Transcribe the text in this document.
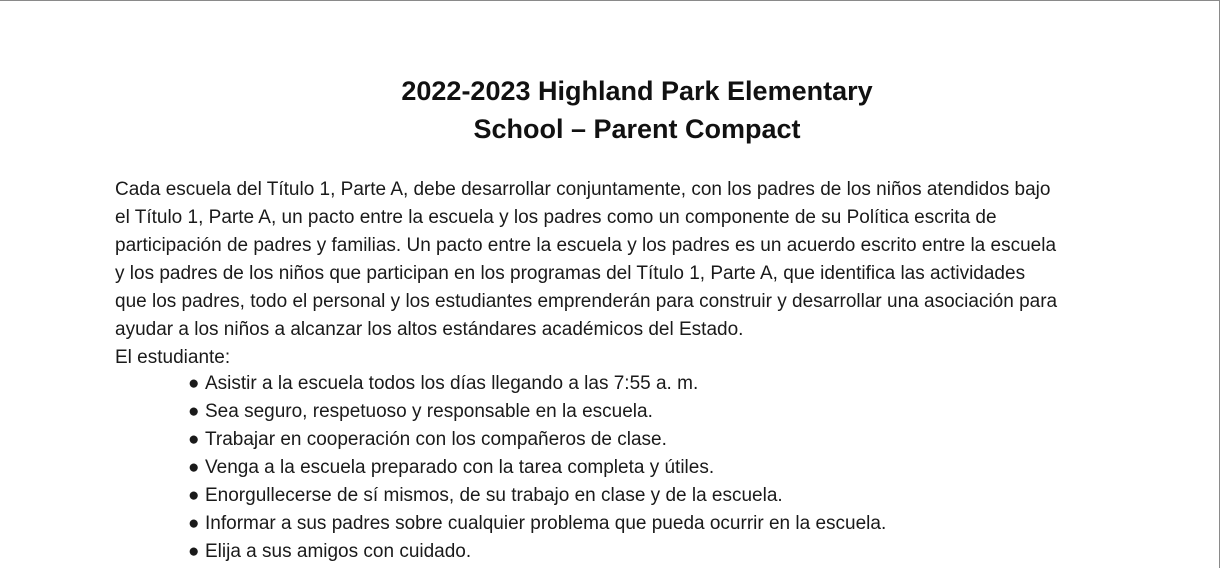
2022-2023 Highland Park Elementary
School – Parent Compact
Cada escuela del Título 1, Parte A, debe desarrollar conjuntamente, con los padres de los niños atendidos bajo
el Título 1, Parte A, un pacto entre la escuela y los padres como un componente de su Política escrita de
participación de padres y familias. Un pacto entre la escuela y los padres es un acuerdo escrito entre la escuela
y los padres de los niños que participan en los programas del Título 1, Parte A, que identifica las actividades
que los padres, todo el personal y los estudiantes emprenderán para construir y desarrollar una asociación para
ayudar a los niños a alcanzar los altos estándares académicos del Estado.
El estudiante:
● Asistir a la escuela todos los días llegando a las 7:55 a. m.
● Sea seguro, respetuoso y responsable en la escuela.
● Trabajar en cooperación con los compañeros de clase.
● Venga a la escuela preparado con la tarea completa y útiles.
● Enorgullecerse de sí mismos, de su trabajo en clase y de la escuela.
● Informar a sus padres sobre cualquier problema que pueda ocurrir en la escuela.
● Elija a sus amigos con cuidado.
